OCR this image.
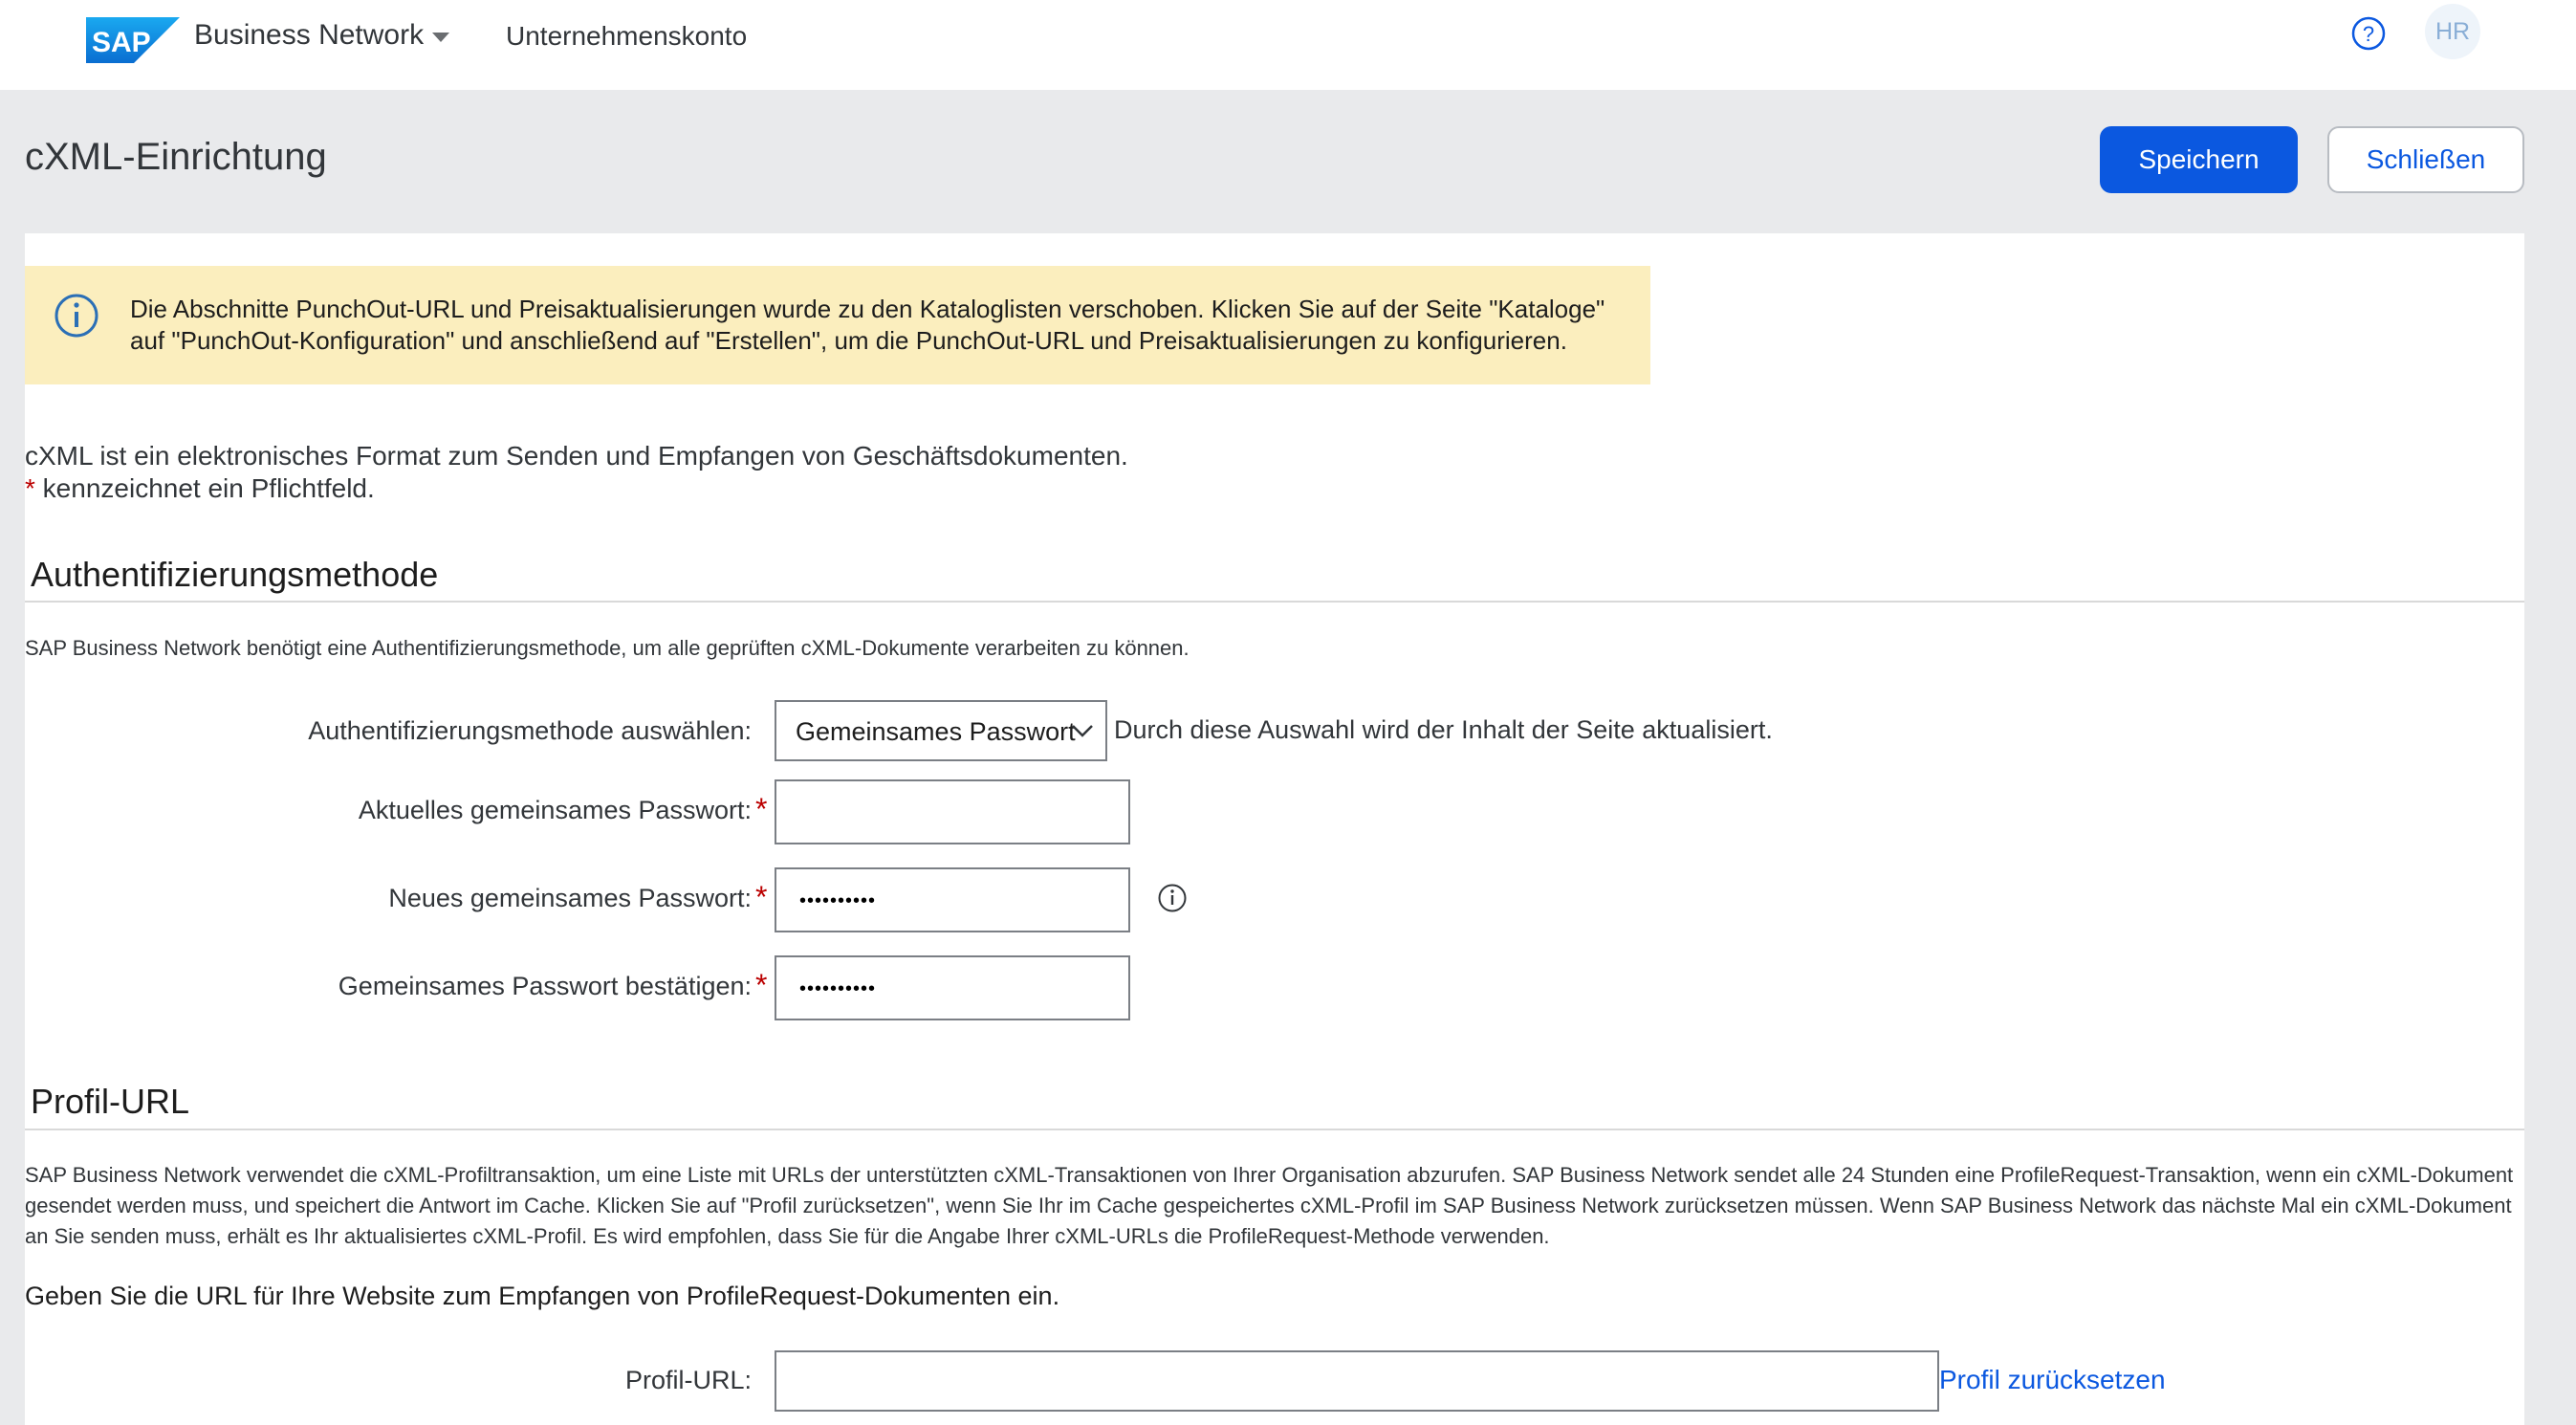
SAP Business Network	Unternehmenskonto	?	HR
cXML-Einrichtung	Speichern	Schließen
Die Abschnitte PunchOut-URL und Preisaktualisierungen wurde zu den Kataloglisten verschoben. Klicken Sie auf der Seite "Kataloge" auf "PunchOut-Konfiguration" und anschließend auf "Erstellen", um die PunchOut-URL und Preisaktualisierungen zu konfigurieren.
cXML ist ein elektronisches Format zum Senden und Empfangen von Geschäftsdokumenten.
* kennzeichnet ein Pflichtfeld.
Authentifizierungsmethode
SAP Business Network benötigt eine Authentifizierungsmethode, um alle geprüften cXML-Dokumente verarbeiten zu können.
Authentifizierungsmethode auswählen: Gemeinsames Passwort Durch diese Auswahl wird der Inhalt der Seite aktualisiert.
Aktuelles gemeinsames Passwort: *
Neues gemeinsames Passwort: * ••••••••••
Gemeinsames Passwort bestätigen: * ••••••••••
Profil-URL
SAP Business Network verwendet die cXML-Profiltransaktion, um eine Liste mit URLs der unterstützten cXML-Transaktionen von Ihrer Organisation abzurufen. SAP Business Network sendet alle 24 Stunden eine ProfileRequest-Transaktion, wenn ein cXML-Dokument gesendet werden muss, und speichert die Antwort im Cache. Klicken Sie auf "Profil zurücksetzen", wenn Sie Ihr im Cache gespeichertes cXML-Profil im SAP Business Network zurücksetzen müssen. Wenn SAP Business Network das nächste Mal ein cXML-Dokument an Sie senden muss, erhält es Ihr aktualisiertes cXML-Profil. Es wird empfohlen, dass Sie für die Angabe Ihrer cXML-URLs die ProfileRequest-Methode verwenden.
Geben Sie die URL für Ihre Website zum Empfangen von ProfileRequest-Dokumenten ein.
Profil-URL:	Profil zurücksetzen
